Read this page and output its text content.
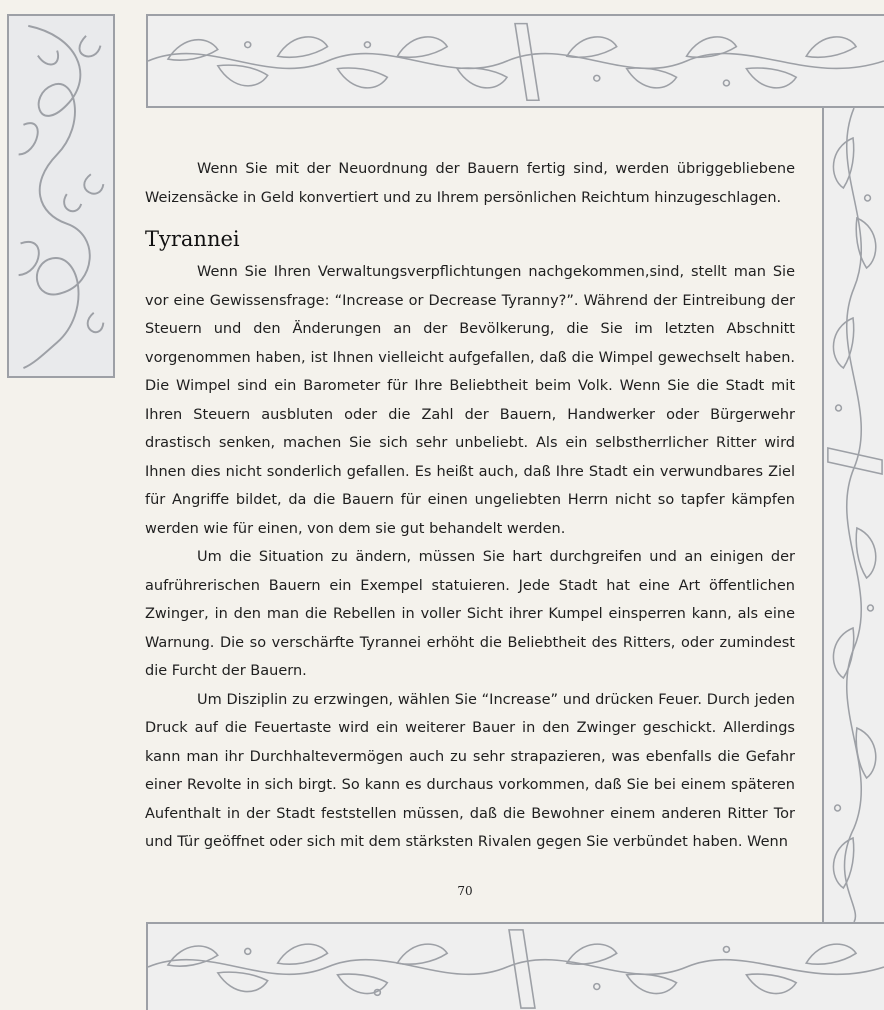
Wenn Sie mit der Neuordnung der Bauern fertig sind, werden übriggebliebene Weizensäcke in Geld konvertiert und zu Ihrem persönlichen Reichtum hinzugeschlagen.

Tyrannei

Wenn Sie Ihren Verwaltungsverpflichtungen nachgekommen,sind, stellt man Sie vor eine Gewissensfrage: “Increase or Decrease Tyranny?”. Während der Eintreibung der Steuern und den Änderungen an der Bevölkerung, die Sie im letzten Abschnitt vorgenommen haben, ist Ihnen vielleicht aufgefallen, daß die Wimpel gewechselt haben. Die Wimpel sind ein Barometer für Ihre Beliebtheit beim Volk. Wenn Sie die Stadt mit Ihren Steuern ausbluten oder die Zahl der Bauern, Handwerker oder Bürgerwehr drastisch senken, machen Sie sich sehr unbeliebt. Als ein selbstherrlicher Ritter wird Ihnen dies nicht sonderlich gefallen. Es heißt auch, daß Ihre Stadt ein verwundbares Ziel für Angriffe bildet, da die Bauern für einen ungeliebten Herrn nicht so tapfer kämpfen werden wie für einen, von dem sie gut behandelt werden.

Um die Situation zu ändern, müssen Sie hart durchgreifen und an einigen der aufrührerischen Bauern ein Exempel statuieren. Jede Stadt hat eine Art öffentlichen Zwinger, in den man die Rebellen in voller Sicht ihrer Kumpel einsperren kann, als eine Warnung. Die so verschärfte Tyrannei erhöht die Beliebtheit des Ritters, oder zumindest die Furcht der Bauern.

Um Disziplin zu erzwingen, wählen Sie “Increase” und drücken Feuer. Durch jeden Druck auf die Feuertaste wird ein weiterer Bauer in den Zwinger geschickt. Allerdings kann man ihr Durchhaltevermögen auch zu sehr strapazieren, was ebenfalls die Gefahr einer Revolte in sich birgt. So kann es durchaus vorkommen, daß Sie bei einem späteren Aufenthalt in der Stadt feststellen müssen, daß die Bewohner einem anderen Ritter Tor und Tür geöffnet oder sich mit dem stärksten Rivalen gegen Sie verbündet haben. Wenn

70
